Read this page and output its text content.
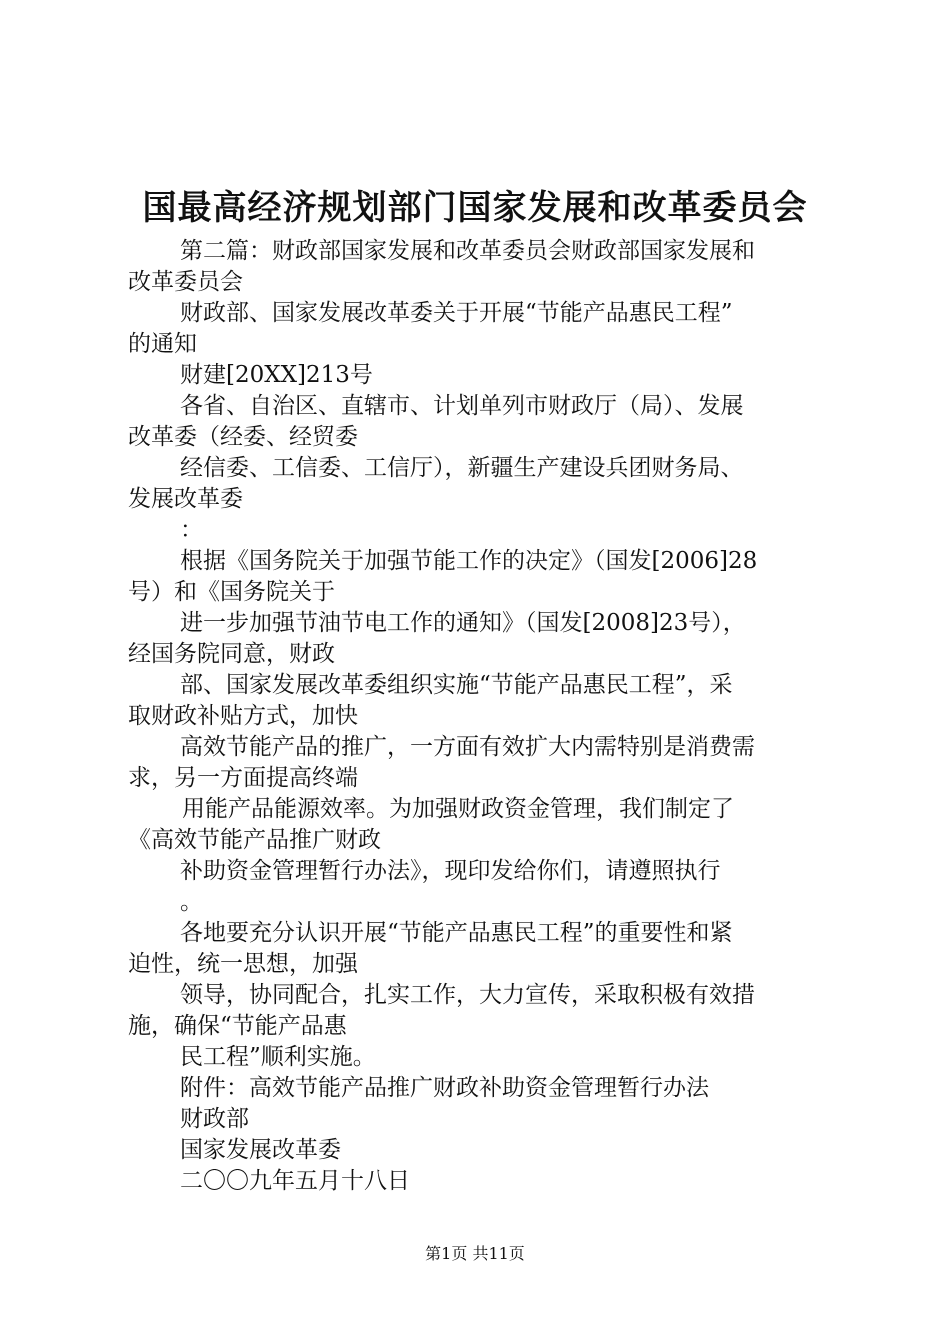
国最高经济规划部门国家发展和改革委员会
第二篇：财政部国家发展和改革委员会财政部国家发展和
改革委员会
财政部、国家发展改革委关于开展“节能产品惠民工程”
的通知
财建[20XX]213号
各省、自治区、直辖市、计划单列市财政厅（局）、发展
改革委（经委、经贸委
经信委、工信委、工信厅），新疆生产建设兵团财务局、
发展改革委
：
根据《国务院关于加强节能工作的决定》（国发[2006]28
号）和《国务院关于
进一步加强节油节电工作的通知》（国发[2008]23号），
经国务院同意，财政
部、国家发展改革委组织实施“节能产品惠民工程”，采
取财政补贴方式，加快
高效节能产品的推广，一方面有效扩大内需特别是消费需
求，另一方面提高终端
用能产品能源效率。为加强财政资金管理，我们制定了
《高效节能产品推广财政
补助资金管理暂行办法》，现印发给你们，请遵照执行
。
各地要充分认识开展“节能产品惠民工程”的重要性和紧
迫性，统一思想，加强
领导，协同配合，扎实工作，大力宣传，采取积极有效措
施，确保“节能产品惠
民工程”顺利实施。
附件：高效节能产品推广财政补助资金管理暂行办法
财政部
国家发展改革委
二〇〇九年五月十八日
第1页 共11页
